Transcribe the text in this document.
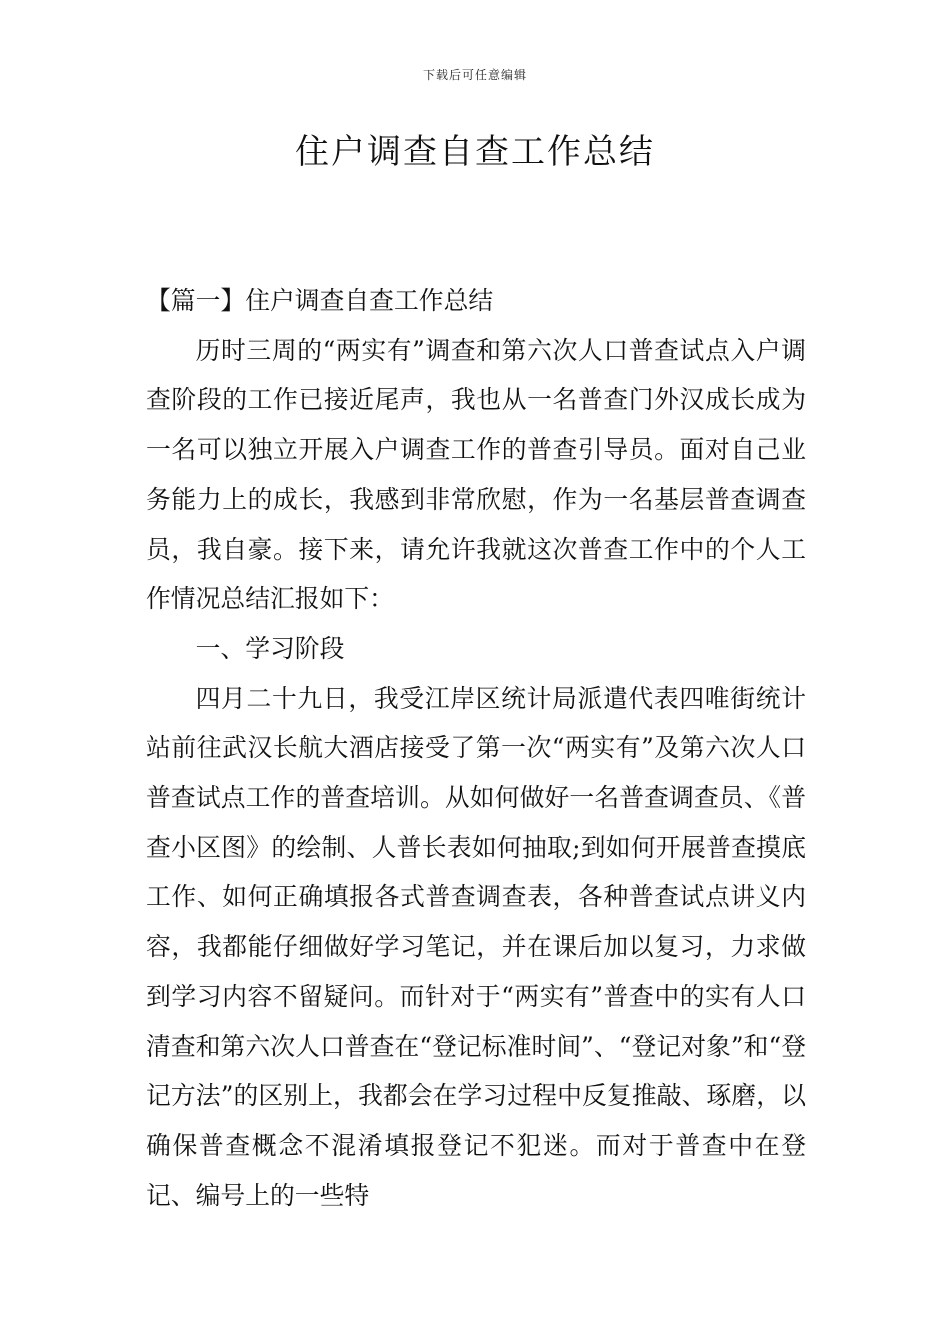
下载后可任意编辑
住户调查自查工作总结

【篇一】住户调查自查工作总结

历时三周的“两实有”调查和第六次人口普查试点入户调查阶段的工作已接近尾声，我也从一名普查门外汉成长成为一名可以独立开展入户调查工作的普查引导员。面对自己业务能力上的成长，我感到非常欣慰，作为一名基层普查调查员，我自豪。接下来，请允许我就这次普查工作中的个人工作情况总结汇报如下：

一、学习阶段

四月二十九日，我受江岸区统计局派遣代表四唯街统计站前往武汉长航大酒店接受了第一次“两实有”及第六次人口普查试点工作的普查培训。从如何做好一名普查调查员、《普查小区图》的绘制、人普长表如何抽取;到如何开展普查摸底工作、如何正确填报各式普查调查表，各种普查试点讲义内容，我都能仔细做好学习笔记，并在课后加以复习，力求做到学习内容不留疑问。而针对于“两实有”普查中的实有人口清查和第六次人口普查在“登记标准时间”、“登记对象”和“登记方法”的区别上，我都会在学习过程中反复推敲、琢磨，以确保普查概念不混淆填报登记不犯迷。而对于普查中在登记、编号上的一些特
